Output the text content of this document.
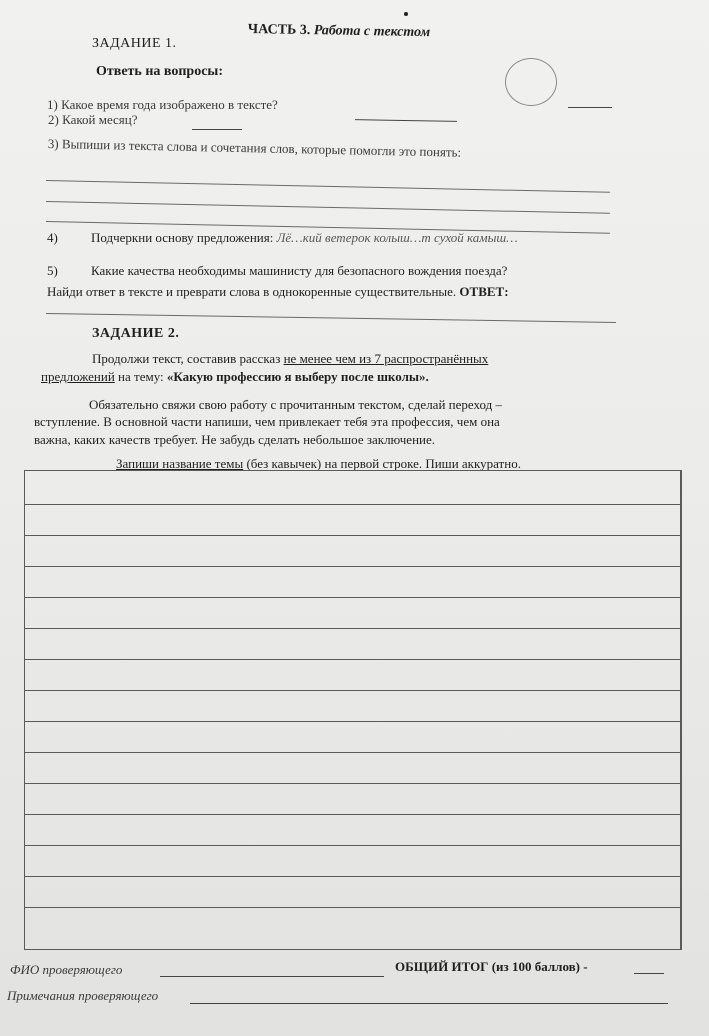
ЧАСТЬ 3. Работа с текстом
ЗАДАНИЕ 1.
Ответь на вопросы:
1) Какое время года изображено в тексте?
2) Какой месяц?
3) Выпиши из текста слова и сочетания слов, которые помогли это понять:
4)	Подчеркни основу предложения: Лё…кий ветерок колыш…т сухой камыш…
5)	Какие качества необходимы машинисту для безопасного вождения поезда?
Найди ответ в тексте и преврати слова в однокоренные существительные. ОТВЕТ:
ЗАДАНИЕ 2.
Продолжи текст, составив рассказ не менее чем из 7 распространённых
предложений на тему: «Какую профессию я выберу после школы».
Обязательно свяжи свою работу с прочитанным текстом, сделай переход –
вступление. В основной части напиши, чем привлекает тебя эта профессия, чем она
важна, каких качеств требует. Не забудь сделать небольшое заключение.
Запиши название темы (без кавычек) на первой строке. Пиши аккуратно.
ФИО проверяющего	ОБЩИЙ ИТОГ (из 100 баллов) -
Примечания проверяющего
